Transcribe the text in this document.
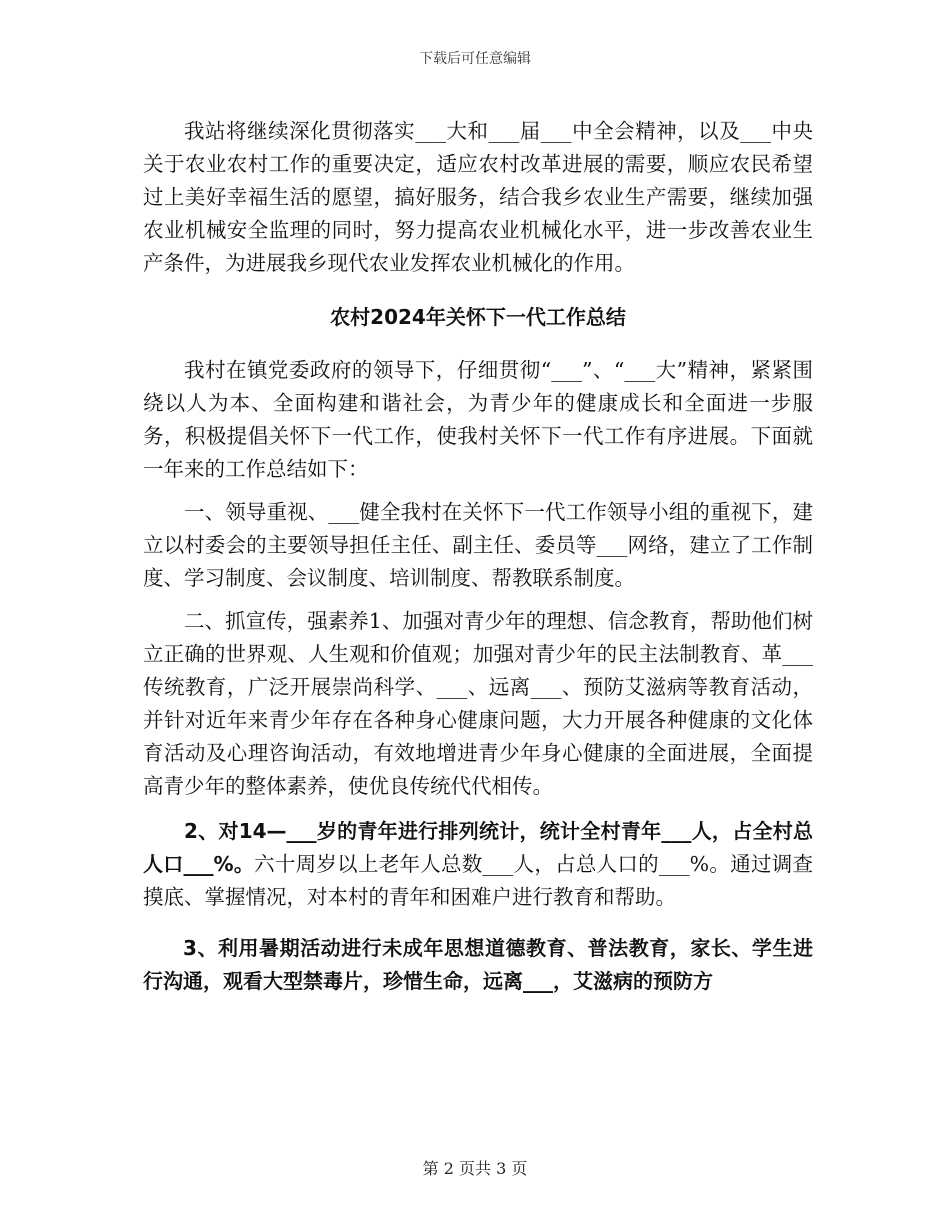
下载后可任意编辑

我站将继续深化贯彻落实___大和___届___中全会精神，以及___中央关于农业农村工作的重要决定，适应农村改革进展的需要，顺应农民希望过上美好幸福生活的愿望，搞好服务，结合我乡农业生产需要，继续加强农业机械安全监理的同时，努力提高农业机械化水平，进一步改善农业生产条件，为进展我乡现代农业发挥农业机械化的作用。

农村2024年关怀下一代工作总结

我村在镇党委政府的领导下，仔细贯彻“___”、“___大”精神，紧紧围绕以人为本、全面构建和谐社会，为青少年的健康成长和全面进一步服务，积极提倡关怀下一代工作，使我村关怀下一代工作有序进展。下面就一年来的工作总结如下：

一、领导重视、___健全我村在关怀下一代工作领导小组的重视下，建立以村委会的主要领导担任主任、副主任、委员等___网络，建立了工作制度、学习制度、会议制度、培训制度、帮教联系制度。

二、抓宣传，强素养1、加强对青少年的理想、信念教育，帮助他们树立正确的世界观、人生观和价值观；加强对青少年的民主法制教育、革___传统教育，广泛开展崇尚科学、___、远离___、预防艾滋病等教育活动，并针对近年来青少年存在各种身心健康问题，大力开展各种健康的文化体育活动及心理咨询活动，有效地增进青少年身心健康的全面进展，全面提高青少年的整体素养，使优良传统代代相传。

2、对14—___岁的青年进行排列统计，统计全村青年___人，占全村总人口___%。六十周岁以上老年人总数___人，占总人口的___%。通过调查摸底、掌握情况，对本村的青年和困难户进行教育和帮助。

3、利用暑期活动进行未成年思想道德教育、普法教育，家长、学生进行沟通，观看大型禁毒片，珍惜生命，远离___，艾滋病的预防方

第 2 页共 3 页
